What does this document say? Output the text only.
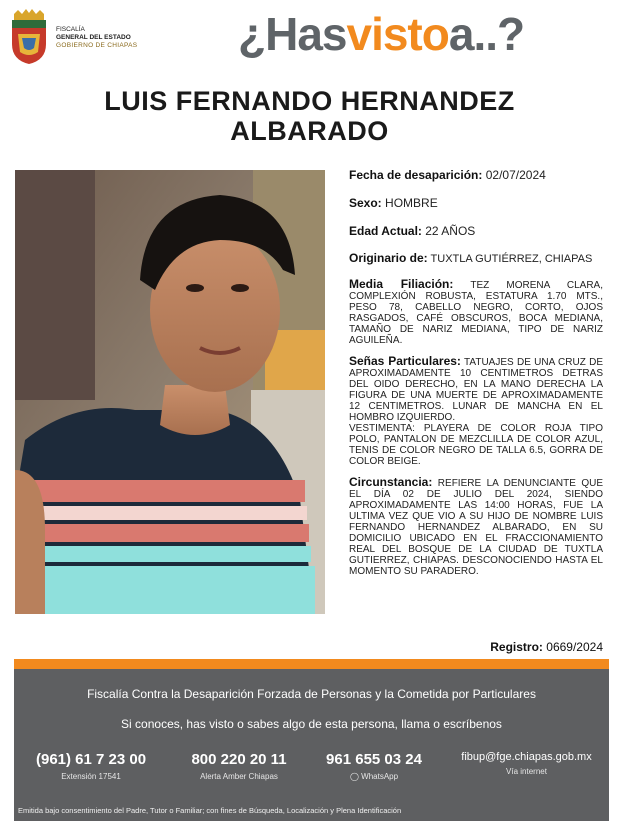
FISCALÍA
GENERAL DEL ESTADO
GOBIERNO DE CHIAPAS ¿Hasvistoa..?
LUIS FERNANDO HERNANDEZ
ALBARADO
Fecha de desaparición: 02/07/2024
Sexo: HOMBRE
Edad Actual: 22 AÑOS
Originario de: TUXTLA GUTIÉRREZ, CHIAPAS
Media Filiación: TEZ MORENA CLARA, COMPLEXIÓN ROBUSTA, ESTATURA 1.70 MTS., PESO 78, CABELLO NEGRO, CORTO, OJOS RASGADOS, CAFÉ OBSCUROS, BOCA MEDIANA, TAMAÑO DE NARIZ MEDIANA, TIPO DE NARIZ AGUILEÑA.
Señas Particulares: TATUAJES DE UNA CRUZ DE APROXIMADAMENTE 10 CENTIMETROS DETRAS DEL OIDO DERECHO, EN LA MANO DERECHA LA FIGURA DE UNA MUERTE DE APROXIMADAMENTE 12 CENTIMETROS. LUNAR DE MANCHA EN EL HOMBRO IZQUIERDO.
VESTIMENTA: PLAYERA DE COLOR ROJA TIPO POLO, PANTALON DE MEZCLILLA DE COLOR AZUL, TENIS DE COLOR NEGRO DE TALLA 6.5, GORRA DE COLOR BEIGE.
Circunstancia: REFIERE LA DENUNCIANTE QUE EL DÍA 02 DE JULIO DEL 2024, SIENDO APROXIMADAMENTE LAS 14:00 HORAS, FUE LA ULTIMA VEZ QUE VIO A SU HIJO DE NOMBRE LUIS FERNANDO HERNANDEZ ALBARADO, EN SU DOMICILIO UBICADO EN EL FRACCIONAMIENTO REAL DEL BOSQUE DE LA CIUDAD DE TUXTLA GUTIERREZ, CHIAPAS. DESCONOCIENDO HASTA EL MOMENTO SU PARADERO.
Registro: 0669/2024
Fiscalía Contra la Desaparición Forzada de Personas y la Cometida por Particulares
Si conoces, has visto o sabes algo de esta persona, llama o escríbenos
(961) 61 7 23 00
Extensión 17541
800 220 20 11
Alerta Amber Chiapas
961 655 03 24
◯ WhatsApp
fibup@fge.chiapas.gob.mx
Vía internet
Emitida bajo consentimiento del Padre, Tutor o Familiar; con fines de Búsqueda, Localización y Plena Identificación
